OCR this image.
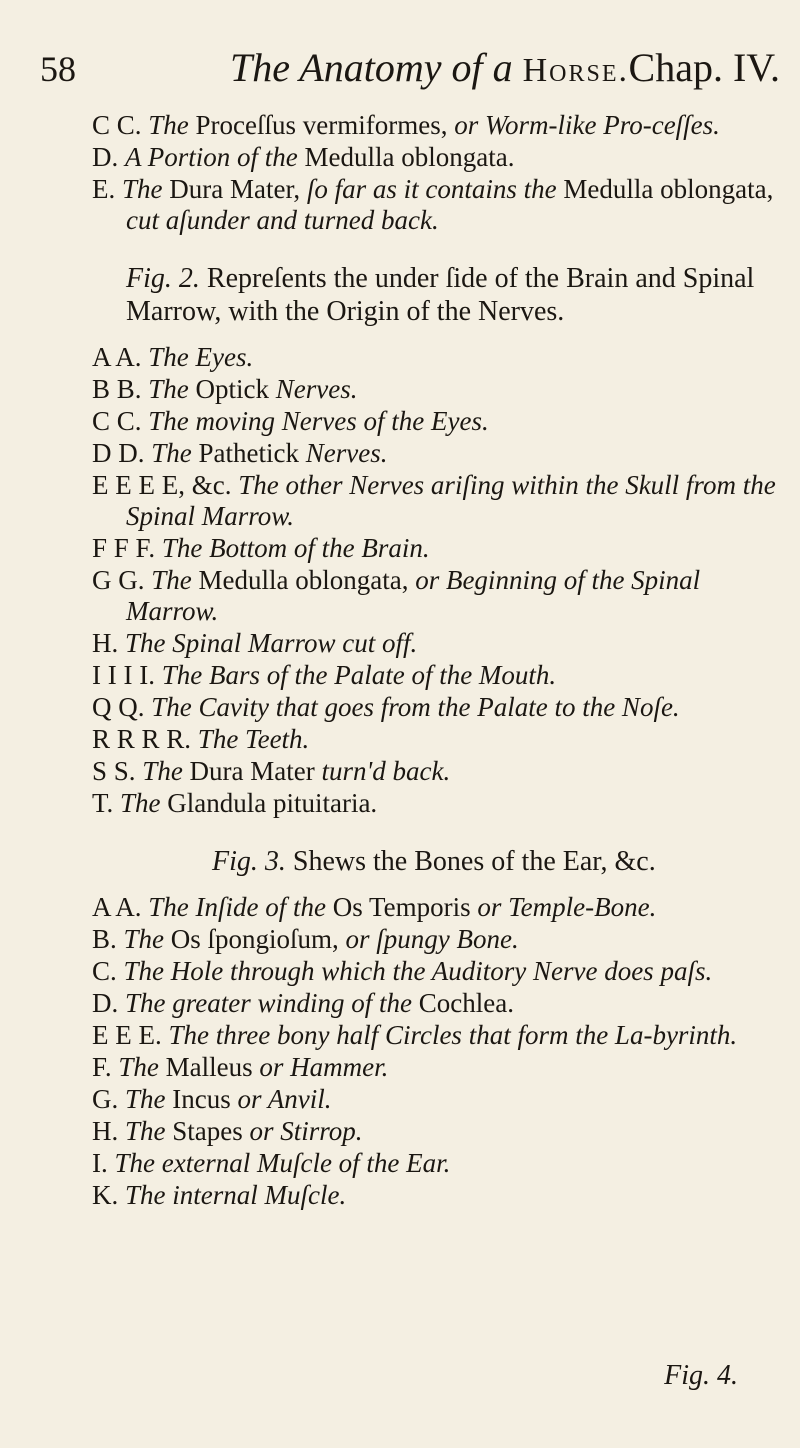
58	The Anatomy of a Horse. Chap. IV.
C C. The Proceſſus vermiformes, or Worm-like Pro-ceſſes.
D. A Portion of the Medulla oblongata.
E. The Dura Mater, ſo far as it contains the Medulla oblongata, cut aſunder and turned back.
Fig. 2. Repreſents the under ſide of the Brain and Spinal Marrow, with the Origin of the Nerves.
A A. The Eyes.
B B. The Optick Nerves.
C C. The moving Nerves of the Eyes.
D D. The Pathetick Nerves.
E E E E, &c. The other Nerves ariſing within the Skull from the Spinal Marrow.
F F F. The Bottom of the Brain.
G G. The Medulla oblongata, or Beginning of the Spinal Marrow.
H. The Spinal Marrow cut off.
I I I I. The Bars of the Palate of the Mouth.
Q Q. The Cavity that goes from the Palate to the Noſe.
R R R R. The Teeth.
S S. The Dura Mater turn'd back.
T. The Glandula pituitaria.
Fig. 3. Shews the Bones of the Ear, &c.
A A. The Inſide of the Os Temporis or Temple-Bone.
B. The Os ſpongioſum, or ſpungy Bone.
C. The Hole through which the Auditory Nerve does paſs.
D. The greater winding of the Cochlea.
E E E. The three bony half Circles that form the La-byrinth.
F. The Malleus or Hammer.
G. The Incus or Anvil.
H. The Stapes or Stirrop.
I. The external Muſcle of the Ear.
K. The internal Muſcle.
Fig. 4.
